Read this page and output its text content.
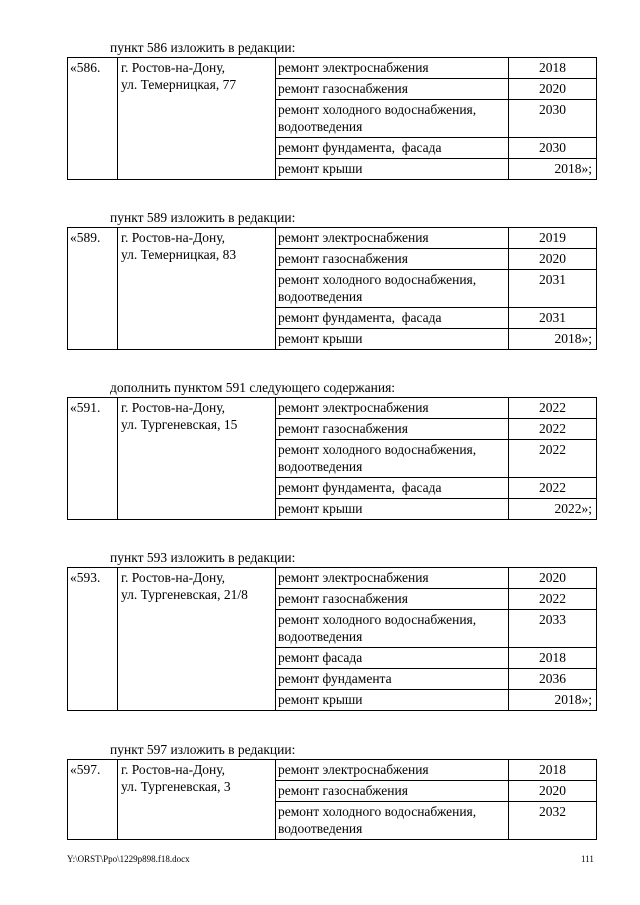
пункт 586 изложить в редакции:
«586.	г. Ростов-на-Дону,
ул. Темерницкая, 77	ремонт электроснабжения	2018

		ремонт газоснабжения	2020

		ремонт холодного водоснабжения,
водоотведения	2030

		ремонт фундамента,  фасада	2030

		ремонт крыши	2018»;
пункт 589 изложить в редакции:
«589.	г. Ростов-на-Дону,
ул. Темерницкая, 83	ремонт электроснабжения	2019

		ремонт газоснабжения	2020

		ремонт холодного водоснабжения,
водоотведения	2031

		ремонт фундамента,  фасада	2031

		ремонт крыши	2018»;
дополнить пунктом 591 следующего содержания:
«591.	г. Ростов-на-Дону,
ул. Тургеневская, 15	ремонт электроснабжения	2022

		ремонт газоснабжения	2022

		ремонт холодного водоснабжения,
водоотведения	2022

		ремонт фундамента,  фасада	2022

		ремонт крыши	2022»;
пункт 593 изложить в редакции:
«593.	г. Ростов-на-Дону,
ул. Тургеневская, 21/8	ремонт электроснабжения	2020

		ремонт газоснабжения	2022

		ремонт холодного водоснабжения,
водоотведения	2033

		ремонт фасада	2018

		ремонт фундамента	2036

		ремонт крыши	2018»;
пункт 597 изложить в редакции:
«597.	г. Ростов-на-Дону,
ул. Тургеневская, 3	ремонт электроснабжения	2018

		ремонт газоснабжения	2020

		ремонт холодного водоснабжения,
водоотведения	2032
Y:\ORST\Ppo\1229p898.f18.docx	111
